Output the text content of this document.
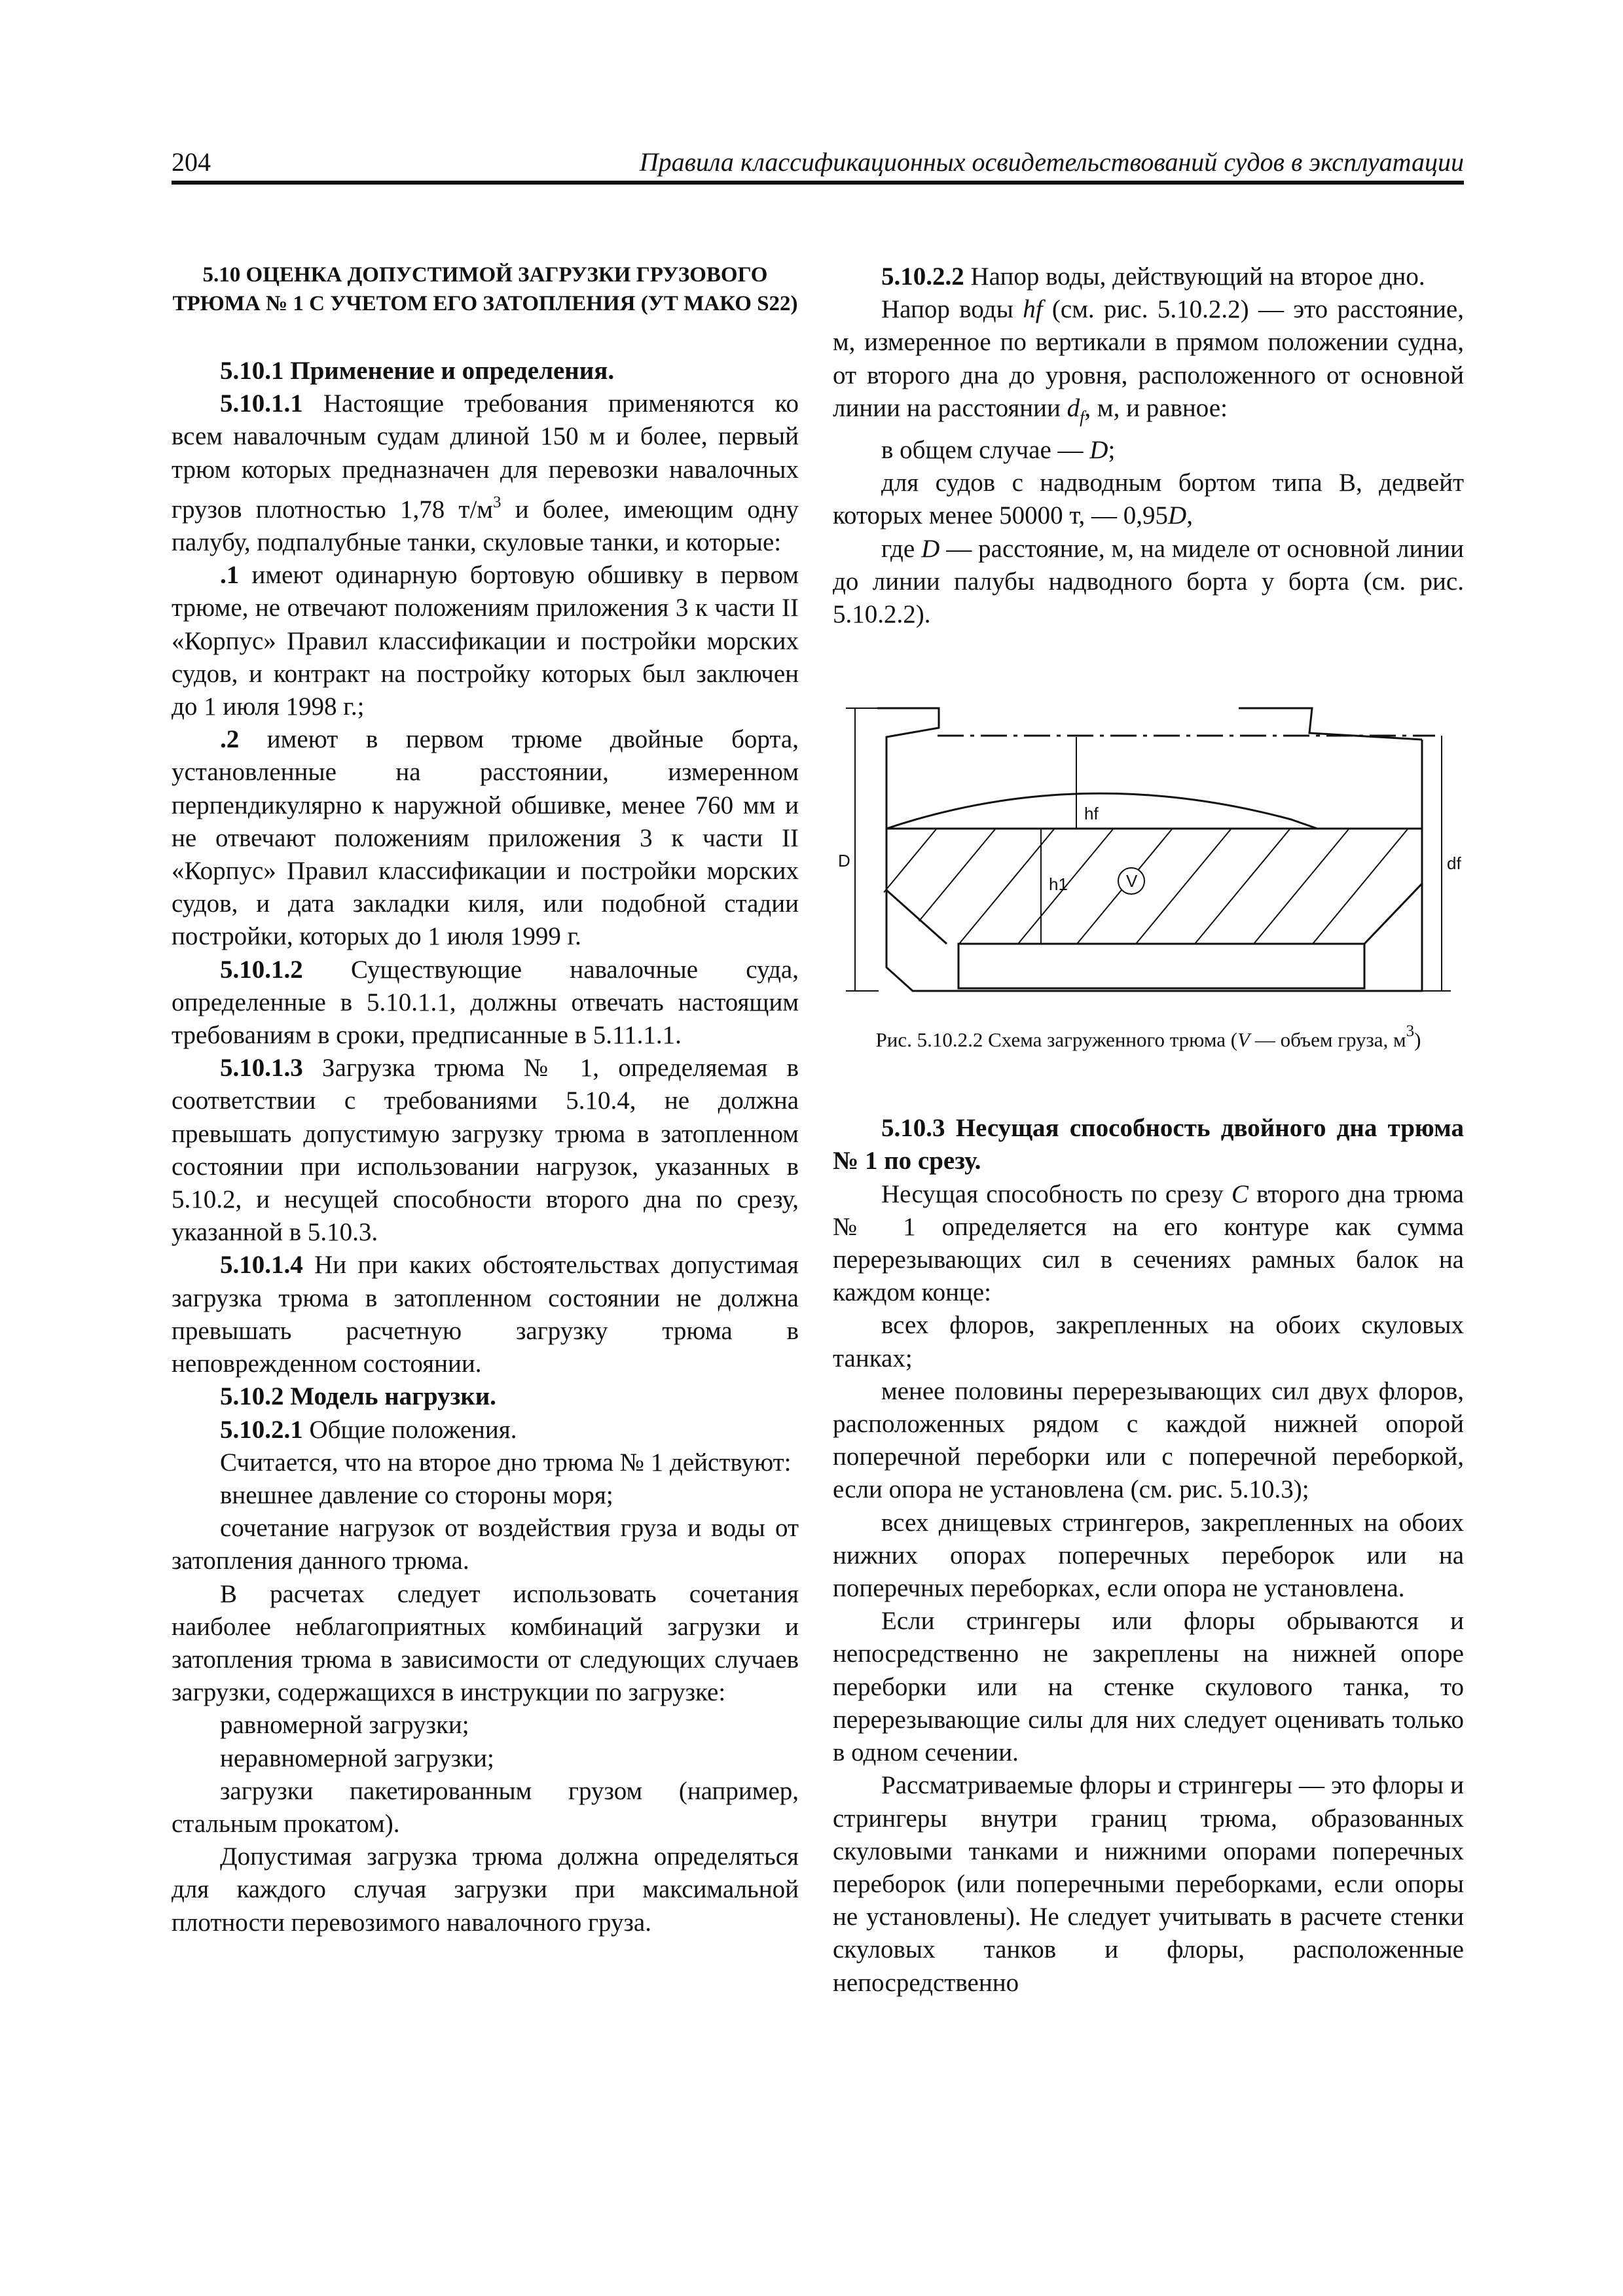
204	Правила классификационных освидетельствований судов в эксплуатации

5.10 ОЦЕНКА ДОПУСТИМОЙ ЗАГРУЗКИ ГРУЗОВОГО ТРЮМА № 1 С УЧЕТОМ ЕГО ЗАТОПЛЕНИЯ (УТ МАКО S22)

5.10.1 Применение и определения.

5.10.1.1 Настоящие требования применяются ко всем навалочным судам длиной 150 м и более, первый трюм которых предназначен для перевозки навалочных грузов плотностью 1,78 $т/м^3$ и более, имеющим одну палубу, подпалубные танки, скуловые танки, и которые:

.1 имеют одинарную бортовую обшивку в первом трюме, не отвечают положениям приложения 3 к части II «Корпус» Правил классификации и постройки морских судов, и контракт на постройку которых был заключен до 1 июля 1998 г.;

.2 имеют в первом трюме двойные борта, установленные на расстоянии, измеренном перпендикулярно к наружной обшивке, менее 760 мм и не отвечают положениям приложения 3 к части II «Корпус» Правил классификации и постройки морских судов, и дата закладки киля, или подобной стадии постройки, которых до 1 июля 1999 г.

5.10.1.2 Существующие навалочные суда, определенные в 5.10.1.1, должны отвечать настоящим требованиям в сроки, предписанные в 5.11.1.1.

5.10.1.3 Загрузка трюма № 1, определяемая в соответствии с требованиями 5.10.4, не должна превышать допустимую загрузку трюма в затопленном состоянии при использовании нагрузок, указанных в 5.10.2, и несущей способности второго дна по срезу, указанной в 5.10.3.

5.10.1.4 Ни при каких обстоятельствах допустимая загрузка трюма в затопленном состоянии не должна превышать расчетную загрузку трюма в неповрежденном состоянии.

5.10.2 Модель нагрузки.

5.10.2.1 Общие положения.

Считается, что на второе дно трюма № 1 действуют:

внешнее давление со стороны моря;

сочетание нагрузок от воздействия груза и воды от затопления данного трюма.

В расчетах следует использовать сочетания наиболее неблагоприятных комбинаций загрузки и затопления трюма в зависимости от следующих случаев загрузки, содержащихся в инструкции по загрузке:

равномерной загрузки;

неравномерной загрузки;

загрузки пакетированным грузом (например, стальным прокатом).

Допустимая загрузка трюма должна определяться для каждого случая загрузки при максимальной плотности перевозимого навалочного груза.

5.10.2.2 Напор воды, действующий на второе дно.

Напор воды hf (см. рис. 5.10.2.2) — это расстояние, м, измеренное по вертикали в прямом положении судна, от второго дна до уровня, расположенного от основной линии на расстоянии $d_f$, м, и равное:

в общем случае — D;

для судов с надводным бортом типа B, дедвейт которых менее 50000 т, — 0,95D,

где D — расстояние, м, на миделе от основной линии до линии палубы надводного борта у борта (см. рис. 5.10.2.2).

D
hf
h1	V
df

Рис. 5.10.2.2 Схема загруженного трюма (V — объем груза, $м^3$)

5.10.3 Несущая способность двойного дна трюма № 1 по срезу.

Несущая способность по срезу C второго дна трюма № 1 определяется на его контуре как сумма перерезывающих сил в сечениях рамных балок на каждом конце:

всех флоров, закрепленных на обоих скуловых танках;

менее половины перерезывающих сил двух флоров, расположенных рядом с каждой нижней опорой поперечной переборки или с поперечной переборкой, если опора не установлена (см. рис. 5.10.3);

всех днищевых стрингеров, закрепленных на обоих нижних опорах поперечных переборок или на поперечных переборках, если опора не установлена.

Если стрингеры или флоры обрываются и непосредственно не закреплены на нижней опоре переборки или на стенке скулового танка, то перерезывающие силы для них следует оценивать только в одном сечении.

Рассматриваемые флоры и стрингеры — это флоры и стрингеры внутри границ трюма, образованных скуловыми танками и нижними опорами поперечных переборок (или поперечными переборками, если опоры не установлены). Не следует учитывать в расчете стенки скуловых танков и флоры, расположенные непосредственно
